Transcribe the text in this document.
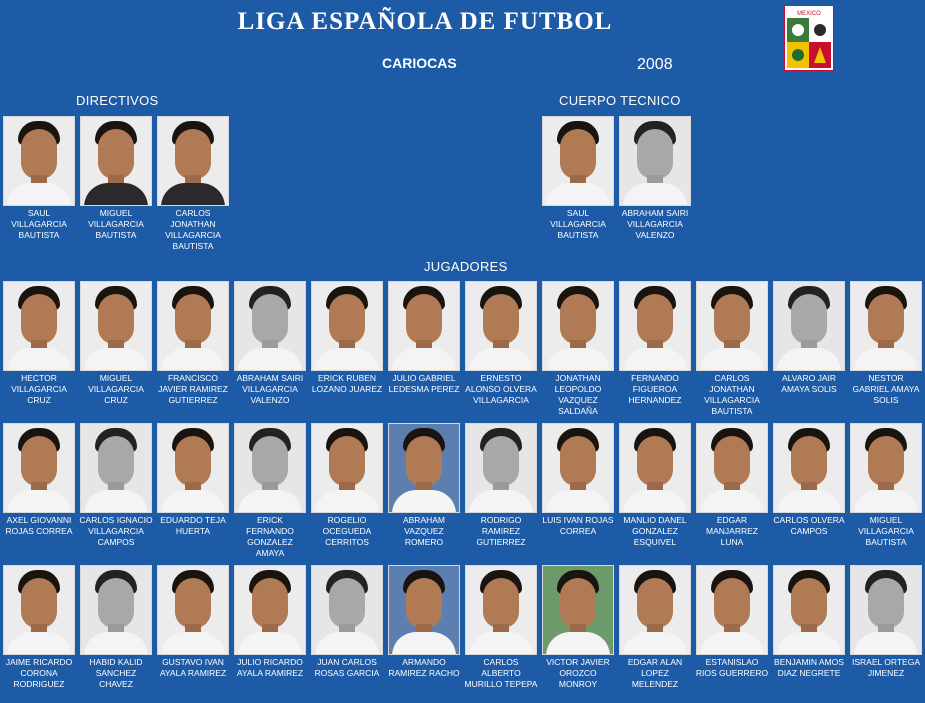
LIGA ESPAÑOLA DE FUTBOL
CARIOCAS	2008
MEXICO
DIRECTIVOS	CUERPO TECNICO
JUGADORES
SAUL VILLAGARCIA BAUTISTA
MIGUEL VILLAGARCIA BAUTISTA
CARLOS JONATHAN VILLAGARCIA BAUTISTA
SAUL VILLAGARCIA BAUTISTA
ABRAHAM SAIRI VILLAGARCIA VALENZO
HECTOR VILLAGARCIA CRUZ
MIGUEL VILLAGARCIA CRUZ
FRANCISCO JAVIER RAMIREZ GUTIERREZ
ABRAHAM SAIRI VILLAGARCIA VALENZO
ERICK RUBEN LOZANO JUAREZ
JULIO GABRIEL LEDESMA PEREZ
ERNESTO ALONSO OLVERA VILLAGARCIA
JONATHAN LEOPOLDO VAZQUEZ SALDAÑA
FERNANDO FIGUEROA HERNANDEZ
CARLOS JONATHAN VILLAGARCIA BAUTISTA
ALVARO JAIR AMAYA SOLIS
NESTOR GABRIEL AMAYA SOLIS
AXEL GIOVANNI ROJAS CORREA
CARLOS IGNACIO VILLAGARCIA CAMPOS
EDUARDO TEJA HUERTA
ERICK FERNANDO GONZALEZ AMAYA
ROGELIO OCEGUEDA CERRITOS
ABRAHAM VAZQUEZ ROMERO
RODRIGO RAMIREZ GUTIERREZ
LUIS IVAN ROJAS CORREA
MANLIO DANEL GONZALEZ ESQUIVEL
EDGAR MANJARREZ LUNA
CARLOS OLVERA CAMPOS
MIGUEL VILLAGARCIA BAUTISTA
JAIME RICARDO CORONA RODRIGUEZ
HABID KALID SANCHEZ CHAVEZ
GUSTAVO IVAN AYALA RAMIREZ
JULIO RICARDO AYALA RAMIREZ
JUAN CARLOS ROSAS GARCIA
ARMANDO RAMIREZ RACHO
CARLOS ALBERTO MURILLO TEPEPA
VICTOR JAVIER OROZCO MONROY
EDGAR ALAN LOPEZ MELENDEZ
ESTANISLAO RIOS GUERRERO
BENJAMIN AMOS DIAZ NEGRETE
ISRAEL ORTEGA JIMENEZ
